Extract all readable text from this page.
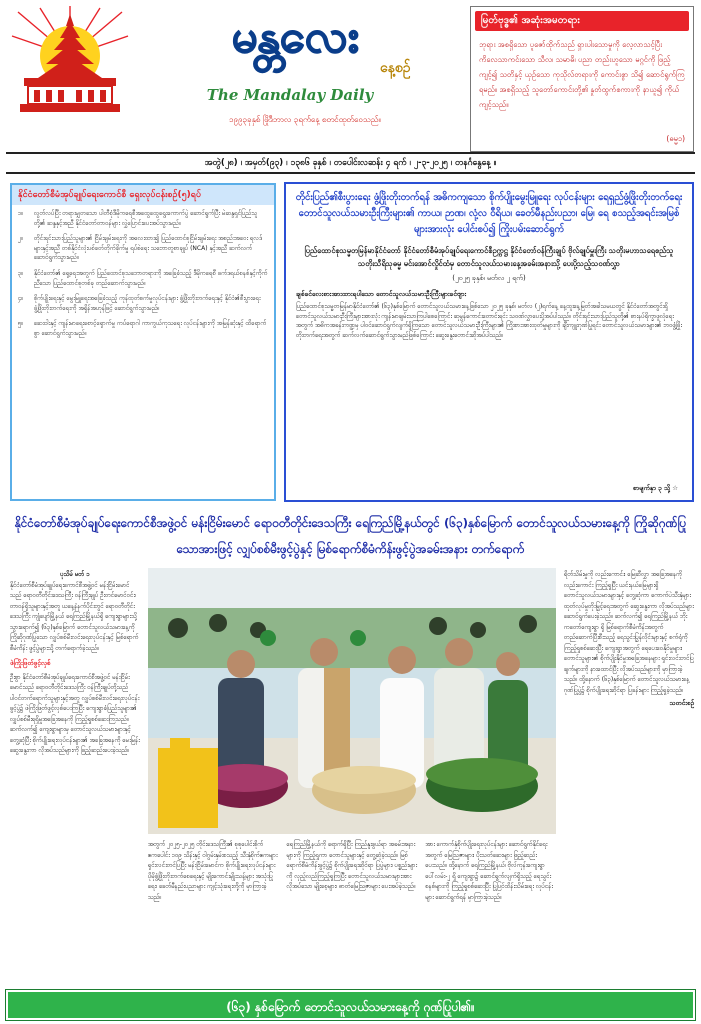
မန္တလေး
နေ့စဉ်
The Mandalay Daily
၁၉၉၃ခုနှစ် ဖြိုဒီဘာလ ၃ရက်နေ့ စတင်ထုတ်ဝေသည်။
မြတ်ဗုဒ္ဓ၏ အဆုံးအမတရား
ဘုရား အစရှိသော ပူဇော်ထိုက်သည် ရှားပါးသောမှုကို လေ့လာသင့်ပြီး ကိလေသာကင်းသော သီလ၊ သမာဓိ၊ ပညာ တည်းဟူသော မဂ္ဂင်ကို ဖြည့်ကျင့်၍ သတိနှင့် ယှဉ်သော ကုသိုလ်တရားကို ကောင်းစွာ သိ၍ ဆောင်ရွက်ကြရမည်။ အစရှိသည့် သူတော်ကောင်းတို့၏ နှုတ်ထွက်စကားကို နာယူ၍ ကိုယ်ကျင့်သည်။
(ဓမ္မ၁)
အတွဲ(၂၈) ၊ အမှတ်(၉၃) ၊ ၁၃၈၆ ခုနှစ် ၊ တပေါင်းလဆန်း ၄ ရက် ၊ ၂-၃-၂၀၂၅ ၊ တနင်္ဂနွေနေ့ ။
နိုင်ငံတော်စီမံအုပ်ချုပ်ရေးကောင်စီ ရှေးလုပ်ငန်းစဉ်(၅)ရပ်
၁။	လွတ်လပ်ပြီး တရားမျှတသော ပါတီစုံဒီမိုကရေစီအထွေထွေရွေးကောက်ပွဲ ဆောင်ရွက်ပြီး မဲဆန္ဒရှင်ပြည်သူတို့၏ ဆန္ဒနှင့်အညီ နိုင်ငံတော်တာဝန်များ လွှဲပြောင်းပေးအပ်သွားမည်။
၂။	တိုင်းရင်းသားပြည်သူများ၏ ငြိမ်းချမ်းရေးကို အလေးထား၍ ပြည်ထောင်စုငြိမ်းချမ်းရေး အစည်းအဝေး ရလဒ်များနှင့်အညီ တစ်နိုင်ငံလုံးပစ်ခတ်တိုက်ခိုက်မှု ရပ်စဲရေး သဘောတူစာချုပ် (NCA) နှင့်အညီ ဆက်လက်ဆောင်ရွက်သွားမည်။
၃။	နိုင်ငံတော်၏ ရှေ့ရေးအတွက် ပြည်ထောင်စုသဘောတရားကို အခြေခံသည့် ဒီမိုကရေစီ ဖက်ဒရယ်စနစ်နှင့်ကိုက်ညီသော ပြည်ထောင်စုတစ်ခု တည်ဆောက်သွားမည်။
၄။	စိုက်ပျိုးရေးနှင့် မွေးမြူရေးအခြေခံသည့် ကုန်ထုတ်စက်မှုလုပ်ငန်းများ ဖွံ့ဖြိုးတိုးတက်ရေးနှင့် နိုင်ငံ၏စီးပွားရေး ဖွံ့ဖြိုးတိုးတက်ရေးကို အရှိန်အဟုန်ဖြင့် ဆောင်ရွက်သွားမည်။
၅။	ဆေးဝါးနှင့် ကျန်းမာရေးစောင့်ရှောက်မှု ကပ်ရောဂါ ကာကွယ်ကုသရေး လုပ်ငန်းများကို အမြန်ဆုံးနှင့် ထိရောက်စွာ ဆောင်ရွက်သွားမည်။
တိုင်းပြည်၏စီးပွားရေး ဖွံ့ဖြိုးတိုးတက်ရန် အဓိကကျသော စိုက်ပျိုးမွေးမြူရေး လုပ်ငန်းများ ရေရှည်ဖွံ့ဖြိုးတိုးတက်ရေး တောင်သူလယ်သမားဦးကြီးများ၏ ကာယ၊ ဉာဏ၊ လုံ့လ ဝီရိယ၊ ခေတ်မီနည်းပညာ၊ မြေ၊ ရေ စသည့်အရင်းအမြစ်များအားလုံး ပေါင်းစပ်၍ ကြိုးပမ်းဆောင်ရွက်
ပြည်ထောင်စုသမ္မတမြန်မာနိုင်ငံတော် နိုင်ငံတော်စီမံအုပ်ချုပ်ရေးကောင်စီဥက္ကဋ္ဌ နိုင်ငံတော်ဝန်ကြီးချုပ် ဗိုလ်ချုပ်မှူးကြီး သတိုးမဟာသရေစည်သူ သတိုးသီရိသုဓမ္မ မင်းအောင်လှိုင်ထံမှ တောင်သူလယ်သမားနေ့အခမ်းအနားသို့ ပေးပို့သည့်သဝဏ်လွှာ
(၂၀၂၅ ခုနှစ်၊ မတ်လ ၂ ရက်)
ချစ်ခင်လေးစားအားထားရပါသော တောင်သူလယ်သမားဦးကြီးများခင်ဗျား
ပြည်ထောင်စုသမ္မတမြန်မာနိုင်ငံတော်၏ (၆၃)နှစ်မြောက် တောင်သူလယ်သမားနေ့ဖြစ်သော ၂၀၂၅ ခုနှစ်၊ မတ်လ (၂)ရက်နေ့ နေ့ထူးနေ့မြတ်အခါသမယတွင် နိုင်ငံတော်အတွင်းရှိ တောင်သူလယ်သမားဦးကြီးများအားလုံး ကျန်းမာချမ်းသာကြပါစေကြောင်း ဆုမွန်ကောင်းတောင်းရင်း သဝဏ်လွှာပေးပို့အပ်ပါသည်။ တိုင်းရင်းသားပြည်သူတို့၏ စားနပ်ရိက္ခာဖူလုံရေးအတွက် အဓိကအခန်းကဏ္ဍမှ ပါဝင်ဆောင်ရွက်လျက်ရှိကြသော တောင်သူလယ်သမားဦးကြီးများ၏ ကြိုးစားအားထုတ်မှုများကို ချီးကျူးဂုဏ်ပြုရင်း တောင်သူလယ်သမားများ၏ ဘဝဖွံ့ဖြိုးတိုးတက်ရေးအတွက် ဆက်လက်ဆောင်ရွက်သွားမည်ဖြစ်ကြောင်း ဆွေးနွေးတောင်းဆိုအပ်ပါသည်။
စာမျက်နှာ ၃ သို့ ☆
နိုင်ငံတော်စီမံအုပ်ချုပ်ရေးကောင်စီအဖွဲ့ဝင် မန်းငြိမ်းမောင် ရောဝတီတိုင်းဒေသကြီး ရေကြည်မြို့နယ်တွင် (၆၃)နှစ်မြောက် တောင်သူလယ်သမားနေ့ကို ကြိုဆိုဂုဏ်ပြုသောအားဖြင့် လျှပ်စစ်မီးဖွင့်ပွဲနှင့် မြစ်ရောက်စီမံကိန်းဖွင့်ပွဲအခမ်းအနား တက်ရောက်
ပုသိမ် မတ် ၁
နိုင်ငံတော်စီမံအုပ်ချုပ်ရေးကောင်စီအဖွဲ့ဝင် မန်းငြိမ်းမောင်သည် ရောဝတီတိုင်းဒေသကြီး ဝန်ကြီးချုပ် ဦးတင်မောင်ဝင်း၊ တာဝန်ရှိသူများနှင့်အတူ ယနေ့နံနက်ပိုင်းတွင် ရောဝတီတိုင်းဒေသကြီး ကျုံပျော်မြို့နယ် ရေကြည်မြို့နယ်ရှိ ကျေးရွာများသို့ သွားရောက်၍ (၆၃)နှစ်မြောက် တောင်သူလယ်သမားနေ့ကို ကြိုဆိုဂုဏ်ပြုသော လျှပ်စစ်မီးလင်းရေးလုပ်ငန်းနှင့် မြစ်ရောက်စီမံကိန်း ဖွင့်ပွဲများသို့ တက်ရောက်ခဲ့သည်။
ဖဲကြိုးဖြတ်ဖွင့်လှစ်
ဦးစွာ နိုင်ငံတော်စီမံအုပ်ချုပ်ရေးကောင်စီအဖွဲ့ဝင် မန်းငြိမ်းမောင်သည် ရောဝတီတိုင်းဒေသကြီး ဝန်ကြီးချုပ်တို့သည် ပါဝင်တက်ရောက်သူများနှင့်အတူ လျှပ်စစ်မီးလင်းရေးလုပ်ငန်း ဖွင့်ပွဲ၌ ဖဲကြိုးဖြတ်ဖွင့်လှစ်ပေးကြပြီး ကျေးရွာခံပြည်သူများ၏ လျှပ်စစ်မီးရရှိမှုအခြေအနေကို ကြည့်ရှုစစ်ဆေးကြသည်။ ဆက်လက်၍ ကျေးရွာများမှ တောင်သူလယ်သမားများနှင့် တွေ့ဆုံပြီး စိုက်ပျိုးရေးလုပ်ငန်းများ၏ အခြေအနေကို မေးမြန်းဆွေးနွေးကာ လိုအပ်သည်များကို ဖြည့်ဆည်းပေးခဲ့သည်။
အတွက် ၂၀၂၅-၂၀၂၅ တိုင်းဒေသကြီး၏ စုစုပေါင်းစိုက်ဧကပေါင်း ၁၀၉ သိန်းနှင့် ဝါဂွမ်းနှမ်းစသည့် သီးနှံစိုက်ဧကများ ရှင်းလင်းတင်ပြပြီး မန်းငြိမ်းမောင်က စိုက်ပျိုးရေးလုပ်ငန်းများ ပိုမိုဖွံ့ဖြိုးတိုးတက်စေရေးနှင့် မျိုးကောင်းမျိုးသန့်များ အသုံးပြုရေး၊ ခေတ်မီနည်းပညာများ ကျင့်သုံးရေးတို့ကို မှာကြားခဲ့သည်။
ရေကြည်မြို့နယ်ကို ရောက်ရှိပြီး ကြည်နူးဖွယ်ရာ အခမ်းအနားများကို ကြည့်ရှုကာ တောင်သူများနှင့် တွေ့ဆုံခဲ့သည်။ မြစ်ရောက်စီမံကိန်းဖွင့်ပွဲ၌ စိုက်ပျိုးရေးဆိုင်ရာ ပြပွဲများ၊ ပစ္စည်းများကို လှည့်လည်ကြည့်ရှုကြပြီး တောင်သူလယ်သမားများအား လိုအပ်သော မျိုးစေ့များ၊ ဓာတ်မြေဩဇာများ ပေးအပ်ခဲ့သည်။
အား ကောက်နှံစိုက်ပျိုးရေးလုပ်ငန်းများ ဆောင်ရွက်နိုင်ရေးအတွက် မြေဩဇာများ၊ ပိုးသတ်ဆေးများ ဖြည့်ဆည်းပေးသည်။ ထို့နောက် ရေကြည်မြို့နယ်၊ ဗိုလ်ကုန်းကျေးရွာ ပေါ်လမ်း-၂ ရှိ ကျေးရွာ၌ ဆောင်ရွက်လျက်ရှိသည့် ရေသွင်းစနစ်များကို ကြည့်ရှုစစ်ဆေးပြီး ပြုပြင်ထိန်းသိမ်းရေး လုပ်ငန်းများ ဆောင်ရွက်ရန် မှာကြားခဲ့သည်။
ရိတ်သိမ်းမှုကို လည်းကောင်း၊ မြေဆီလွှာ အခြေအနေကို လည်းကောင်း ကြည့်ရှုပြီး ယင်းနယ်မြေများရှိ တောင်သူလယ်သမားများနှင့် တွေ့ဆုံကာ ကောက်ပဲသီးနှံများ ထုတ်လုပ်မှုတိုးမြှင့်ရေးအတွက် ဆွေးနွေးကာ လိုအပ်သည်များ ဆောင်ရွက်ပေးခဲ့သည်။ ဆက်လက်၍ ရေကြည်မြို့နယ် ဘိုးကတော်ကျေးရွာ ရှိ မြစ်ရောက်စီမံကိန်းအတွက် တည်ဆောက်ပြီးစီးသည့် ရေသွင်းပြွန်လိုင်းများနှင့် စက်ရုံကို ကြည့်ရှုစစ်ဆေးပြီး ကျေးရွာအတွက် ရေပေးဝေနိုင်မှုများ၊ တောင်သူများ၏ စိုက်ပျိုးနိုင်မှုအခြေအနေများ ရှင်းလင်းတင်ပြချက်များကို နားထောင်ပြီး လိုအပ်သည်များကို မှာကြားခဲ့သည်။ ထို့နောက် (၆၃)နှစ်မြောက် တောင်သူလယ်သမားနေ့ ဂုဏ်ပြုပွဲ၌ စိုက်ပျိုးရေးဆိုင်ရာ ပြခန်းများ ကြည့်ရှုခဲ့သည်။
သတင်းစဉ်
(၆၃) နှစ်မြောက် တောင်သူလယ်သမားနေ့ကို ဂုဏ်ပြုပါ၏။
